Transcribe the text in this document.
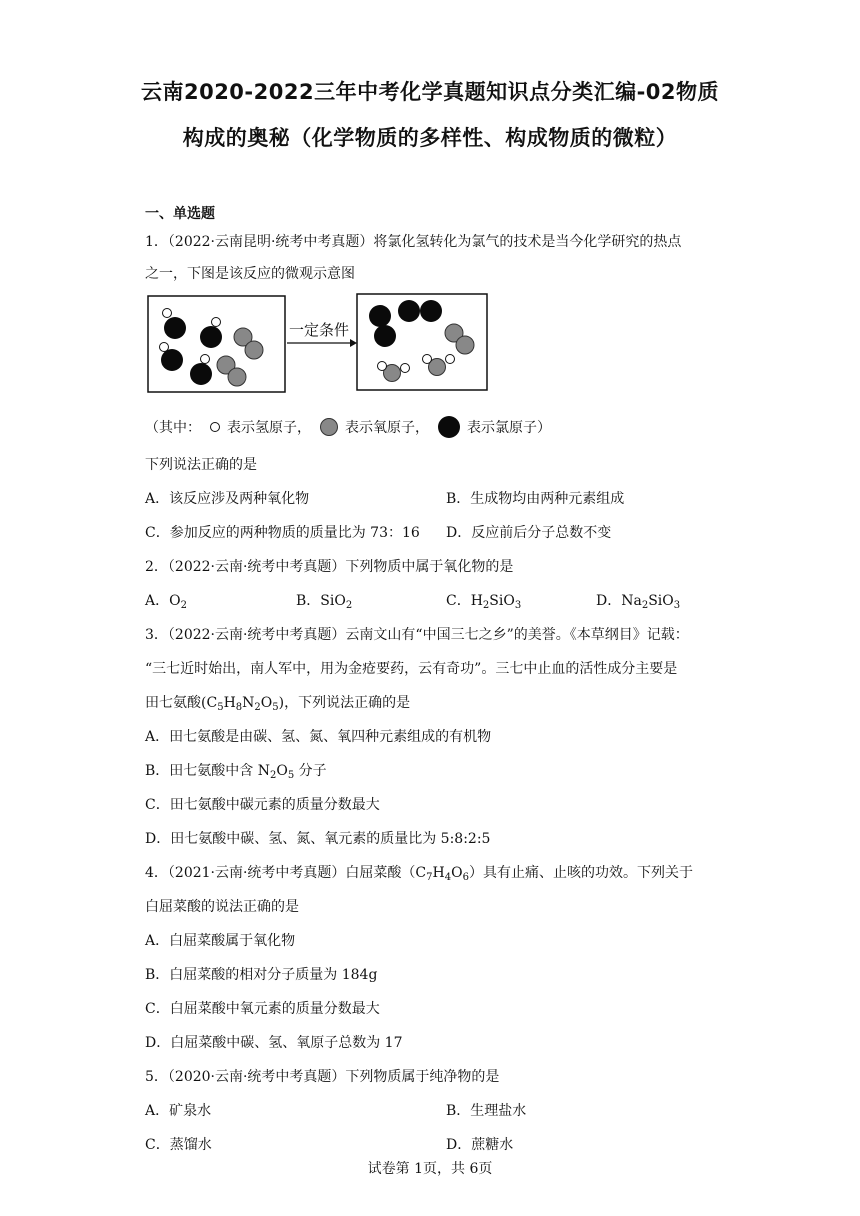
云南2020-2022三年中考化学真题知识点分类汇编-02物质
构成的奥秘（化学物质的多样性、构成物质的微粒）
一、单选题
1．（2022·云南昆明·统考中考真题）将氯化氢转化为氯气的技术是当今化学研究的热点
之一，下图是该反应的微观示意图
一定条件
（其中： 表示氢原子， 表示氧原子，	表示氯原子）
下列说法正确的是
A．该反应涉及两种氧化物	B．生成物均由两种元素组成
C．参加反应的两种物质的质量比为 73：16 D．反应前后分子总数不变
2．（2022·云南·统考中考真题）下列物质中属于氧化物的是
A．$O_2$	B．SiO$_2$	C．$H_2SiO_3$	D．$Na_2SiO_3$
3．（2022·云南·统考中考真题）云南文山有“中国三七之乡”的美誉。《本草纲目》记载：
“三七近时始出，南人军中，用为金疮要药，云有奇功”。三七中止血的活性成分主要是
田七氨酸$(C_5H_8N_2O_5)$，下列说法正确的是
A．田七氨酸是由碳、氢、氮、氧四种元素组成的有机物
B．田七氨酸中含 $N_2O_5$ 分子
C．田七氨酸中碳元素的质量分数最大
D．田七氨酸中碳、氢、氮、氧元素的质量比为 5:8:2:5
4．（2021·云南·统考中考真题）白屈菜酸$(C_7H_4O_6)$具有止痛、止咳的功效。下列关于
白屈菜酸的说法正确的是
A．白屈菜酸属于氧化物
B．白屈菜酸的相对分子质量为 184g
C．白屈菜酸中氧元素的质量分数最大
D．白屈菜酸中碳、氢、氧原子总数为 17
5．（2020·云南·统考中考真题）下列物质属于纯净物的是
A．矿泉水	B．生理盐水
C．蒸馏水	D．蔗糖水
试卷第 1页，共 6页
